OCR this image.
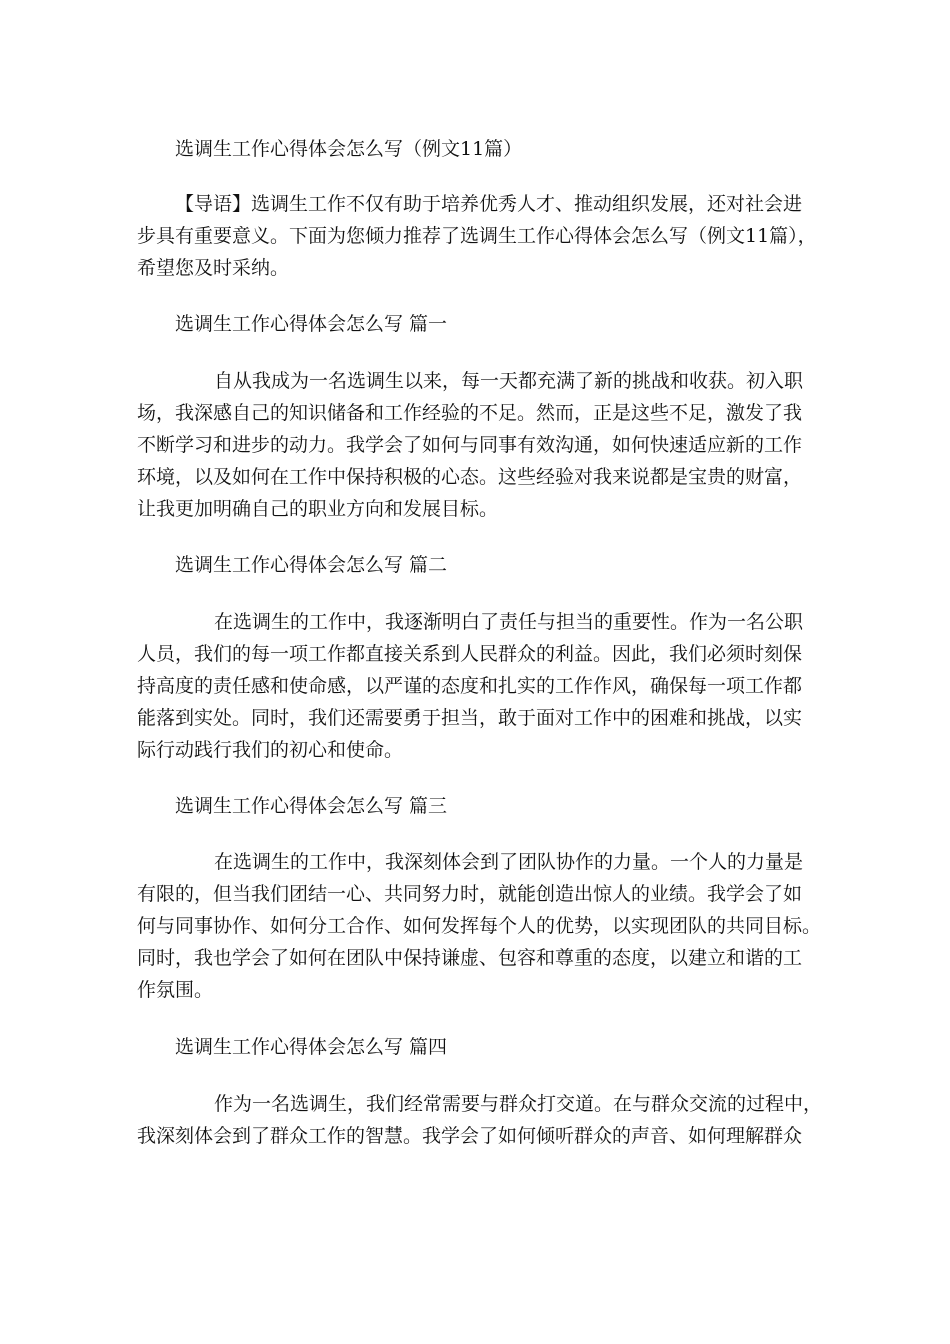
选调生工作心得体会怎么写（例文11篇）

【导语】选调生工作不仅有助于培养优秀人才、推动组织发展，还对社会进

步具有重要意义。下面为您倾力推荐了选调生工作心得体会怎么写（例文11篇），

希望您及时采纳。

选调生工作心得体会怎么写 篇一

自从我成为一名选调生以来，每一天都充满了新的挑战和收获。初入职

场，我深感自己的知识储备和工作经验的不足。然而，正是这些不足，激发了我

不断学习和进步的动力。我学会了如何与同事有效沟通，如何快速适应新的工作

环境，以及如何在工作中保持积极的心态。这些经验对我来说都是宝贵的财富，

让我更加明确自己的职业方向和发展目标。

选调生工作心得体会怎么写 篇二

在选调生的工作中，我逐渐明白了责任与担当的重要性。作为一名公职

人员，我们的每一项工作都直接关系到人民群众的利益。因此，我们必须时刻保

持高度的责任感和使命感，以严谨的态度和扎实的工作作风，确保每一项工作都

能落到实处。同时，我们还需要勇于担当，敢于面对工作中的困难和挑战，以实

际行动践行我们的初心和使命。

选调生工作心得体会怎么写 篇三

在选调生的工作中，我深刻体会到了团队协作的力量。一个人的力量是

有限的，但当我们团结一心、共同努力时，就能创造出惊人的业绩。我学会了如

何与同事协作、如何分工合作、如何发挥每个人的优势，以实现团队的共同目标。

同时，我也学会了如何在团队中保持谦虚、包容和尊重的态度，以建立和谐的工

作氛围。

选调生工作心得体会怎么写 篇四

作为一名选调生，我们经常需要与群众打交道。在与群众交流的过程中，

我深刻体会到了群众工作的智慧。我学会了如何倾听群众的声音、如何理解群众
